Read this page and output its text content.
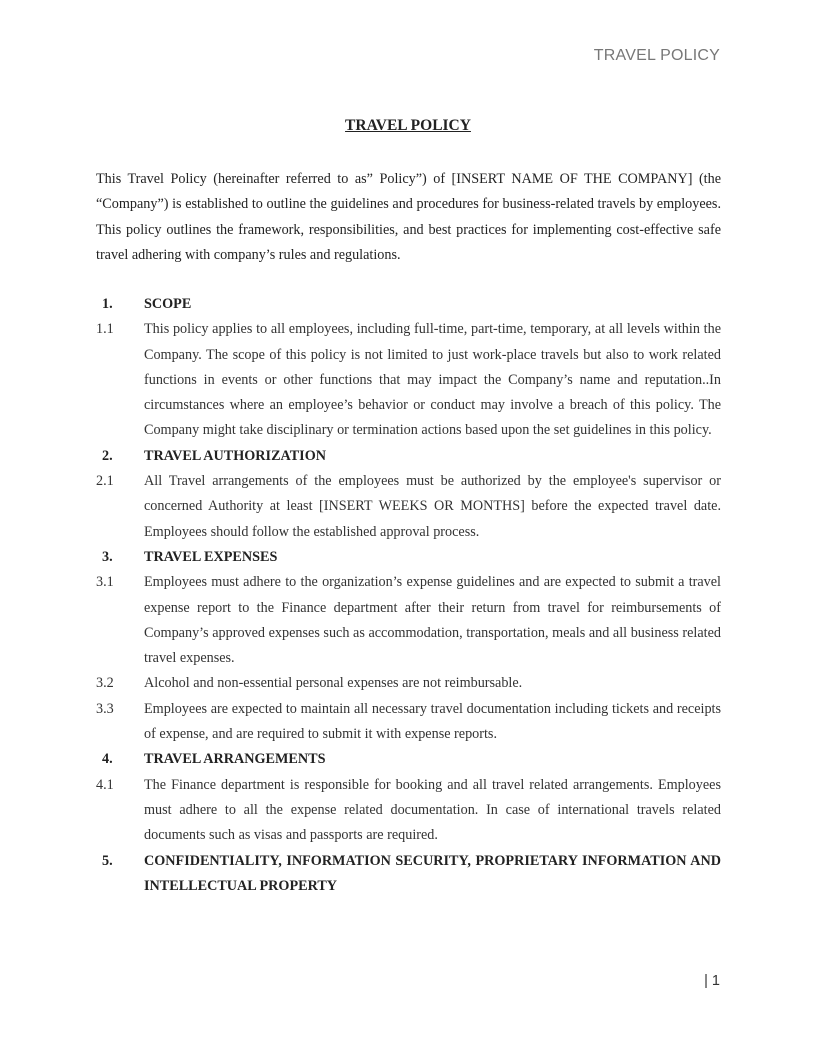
TRAVEL POLICY
TRAVEL POLICY
This Travel Policy (hereinafter referred to as” Policy”) of [INSERT NAME OF THE COMPANY] (the “Company”) is established to outline the guidelines and procedures for business-related travels by employees. This policy outlines the framework, responsibilities, and best practices for implementing cost-effective safe travel adhering with company’s rules and regulations.
1.	SCOPE
1.1	This policy applies to all employees, including full-time, part-time, temporary, at all levels within the Company. The scope of this policy is not limited to just work-place travels but also to work related functions in events or other functions that may impact the Company’s name and reputation..In circumstances where an employee’s behavior or conduct may involve a breach of this policy. The Company might take disciplinary or termination actions based upon the set guidelines in this policy.
2.	TRAVEL AUTHORIZATION
2.1	All Travel arrangements of the employees must be authorized by the employee's supervisor or concerned Authority at least [INSERT WEEKS OR MONTHS] before the expected travel date. Employees should follow the established approval process.
3.	TRAVEL EXPENSES
3.1	Employees must adhere to the organization’s expense guidelines and are expected to submit a travel expense report to the Finance department after their return from travel for reimbursements of Company’s approved expenses such as accommodation, transportation, meals and all business related travel expenses.
3.2	Alcohol and non-essential personal expenses are not reimbursable.
3.3	Employees are expected to maintain all necessary travel documentation including tickets and receipts of expense, and are required to submit it with expense reports.
4.	TRAVEL ARRANGEMENTS
4.1	The Finance department is responsible for booking and all travel related arrangements. Employees must adhere to all the expense related documentation. In case of international travels related documents such as visas and passports are required.
5.	CONFIDENTIALITY, INFORMATION SECURITY, PROPRIETARY INFORMATION AND INTELLECTUAL PROPERTY
| 1
